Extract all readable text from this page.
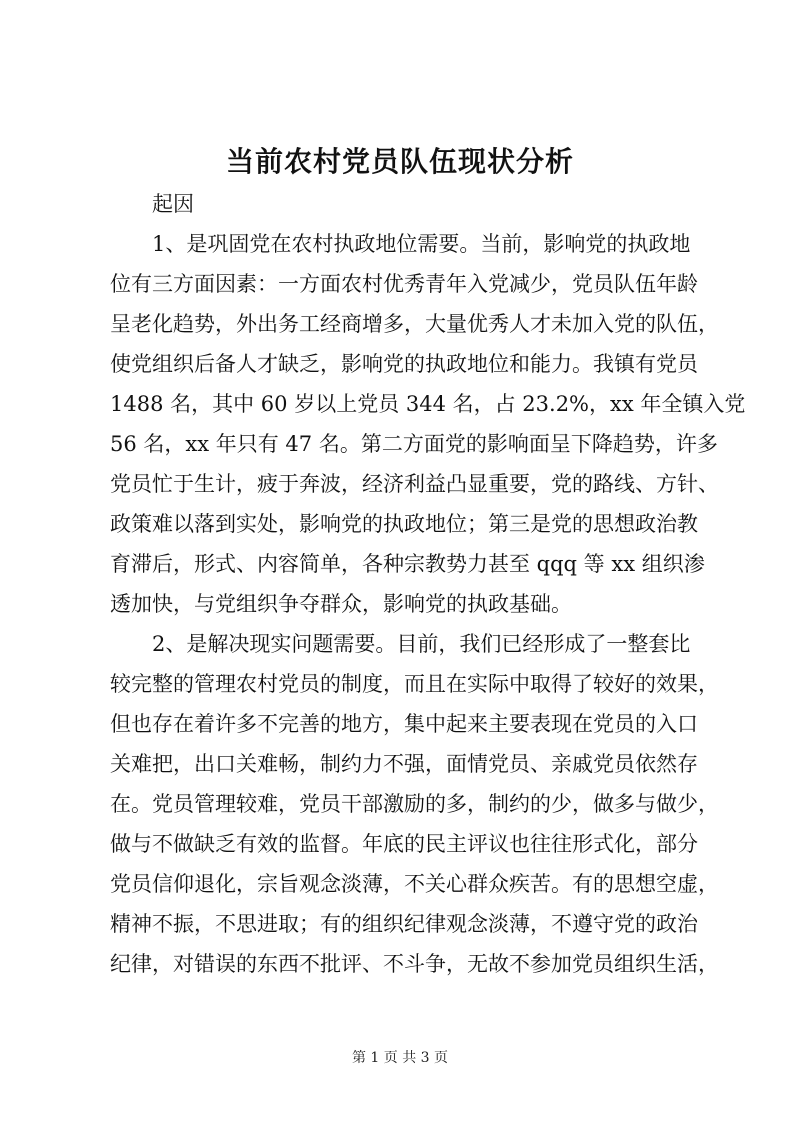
当前农村党员队伍现状分析

起因

1、是巩固党在农村执政地位需要。当前，影响党的执政地
位有三方面因素：一方面农村优秀青年入党减少，党员队伍年龄
呈老化趋势，外出务工经商增多，大量优秀人才未加入党的队伍，
使党组织后备人才缺乏，影响党的执政地位和能力。我镇有党员
1488 名，其中 60 岁以上党员 344 名，占 23.2%，xx 年全镇入党
56 名，xx 年只有 47 名。第二方面党的影响面呈下降趋势，许多
党员忙于生计，疲于奔波，经济利益凸显重要，党的路线、方针、
政策难以落到实处，影响党的执政地位；第三是党的思想政治教
育滞后，形式、内容简单，各种宗教势力甚至 qqq 等 xx 组织渗
透加快，与党组织争夺群众，影响党的执政基础。

2、是解决现实问题需要。目前，我们已经形成了一整套比
较完整的管理农村党员的制度，而且在实际中取得了较好的效果，
但也存在着许多不完善的地方，集中起来主要表现在党员的入口
关难把，出口关难畅，制约力不强，面情党员、亲戚党员依然存
在。党员管理较难，党员干部激励的多，制约的少，做多与做少，
做与不做缺乏有效的监督。年底的民主评议也往往形式化，部分
党员信仰退化，宗旨观念淡薄，不关心群众疾苦。有的思想空虚，
精神不振，不思进取；有的组织纪律观念淡薄，不遵守党的政治
纪律，对错误的东西不批评、不斗争，无故不参加党员组织生活，

第 1 页 共 3 页
